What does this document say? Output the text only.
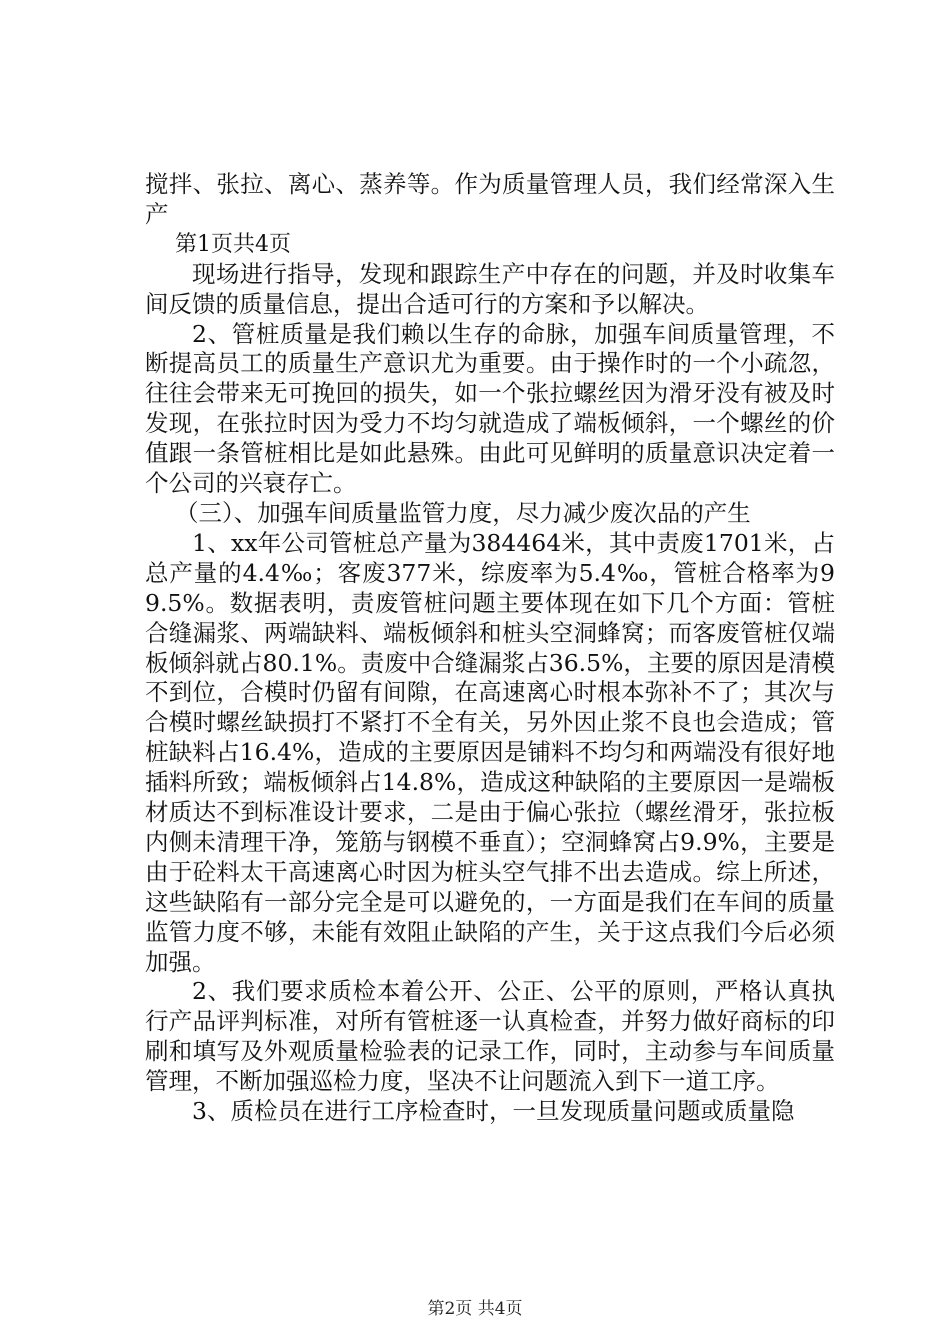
搅拌、张拉、离心、蒸养等。作为质量管理人员，我们经常深入生产

第1页共4页

现场进行指导，发现和跟踪生产中存在的问题，并及时收集车间反馈的质量信息，提出合适可行的方案和予以解决。

2、管桩质量是我们赖以生存的命脉，加强车间质量管理，不断提高员工的质量生产意识尤为重要。由于操作时的一个小疏忽，往往会带来无可挽回的损失，如一个张拉螺丝因为滑牙没有被及时发现，在张拉时因为受力不均匀就造成了端板倾斜，一个螺丝的价值跟一条管桩相比是如此悬殊。由此可见鲜明的质量意识决定着一个公司的兴衰存亡。

（三）、加强车间质量监管力度，尽力减少废次品的产生

1、xx年公司管桩总产量为384464米，其中责废1701米，占总产量的4.4‰；客废377米，综废率为5.4‰，管桩合格率为99.5%。数据表明，责废管桩问题主要体现在如下几个方面：管桩合缝漏浆、两端缺料、端板倾斜和桩头空洞蜂窝；而客废管桩仅端板倾斜就占80.1%。责废中合缝漏浆占36.5%，主要的原因是清模不到位，合模时仍留有间隙，在高速离心时根本弥补不了；其次与合模时螺丝缺损打不紧打不全有关，另外因止浆不良也会造成；管桩缺料占16.4%，造成的主要原因是铺料不均匀和两端没有很好地插料所致；端板倾斜占14.8%，造成这种缺陷的主要原因一是端板材质达不到标准设计要求，二是由于偏心张拉（螺丝滑牙，张拉板内侧未清理干净，笼筋与钢模不垂直）；空洞蜂窝占9.9%，主要是由于砼料太干高速离心时因为桩头空气排不出去造成。综上所述，这些缺陷有一部分完全是可以避免的，一方面是我们在车间的质量监管力度不够，未能有效阻止缺陷的产生，关于这点我们今后必须加强。

2、我们要求质检本着公开、公正、公平的原则，严格认真执行产品评判标准，对所有管桩逐一认真检查，并努力做好商标的印刷和填写及外观质量检验表的记录工作，同时，主动参与车间质量管理，不断加强巡检力度，坚决不让问题流入到下一道工序。

3、质检员在进行工序检查时，一旦发现质量问题或质量隐

第2页 共4页
